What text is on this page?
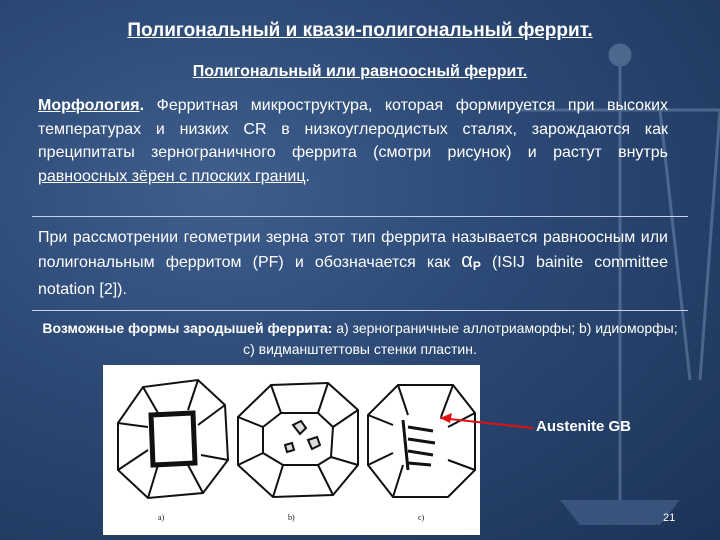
Полигональный и квази-полигональный феррит.
Полигональный или равноосный феррит.
Морфология. Ферритная микроструктура, которая формируется при высоких температурах и низких CR в низкоуглеродистых сталях, зарождаются как преципитаты зернограничного феррита (смотри рисунок) и растут внутрь равноосных зёрен с плоских границ.
При рассмотрении геометрии зерна этот тип феррита называется равноосным или полигональным ферритом (PF) и обозначается как $\alpha_P$ (ISIJ bainite committee notation [2]).
Возможные формы зародышей феррита: а) зернограничные аллотриаморфы; b) идиоморфы; c) видманштеттовы стенки пластин.
a)	b)	c)
Austenite GB
21
